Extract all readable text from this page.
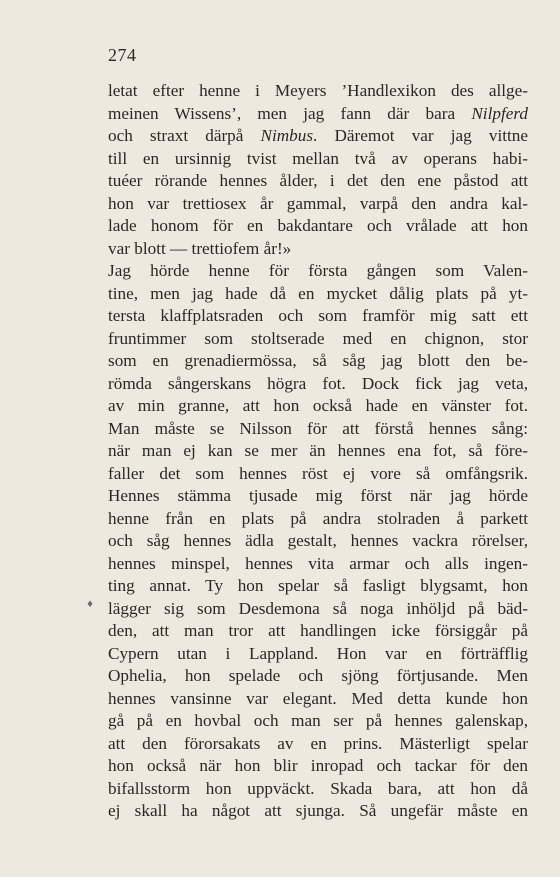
274
letat efter henne i Meyers ’Handlexikon des allge-
meinen Wissens’, men jag fann där bara Nilpferd
och straxt därpå Nimbus. Däremot var jag vittne
till en ursinnig tvist mellan två av operans habi-
tuéer rörande hennes ålder, i det den ene påstod att
hon var trettiosex år gammal, varpå den andra kal-
lade honom för en bakdantare och vrålade att hon
var blott — trettiofem år!»
Jag hörde henne för första gången som Valen-
tine, men jag hade då en mycket dålig plats på yt-
tersta klaffplatsraden och som framför mig satt ett
fruntimmer som stoltserade med en chignon, stor
som en grenadiermössa, så såg jag blott den be-
römda sångerskans högra fot. Dock fick jag veta,
av min granne, att hon också hade en vänster fot.
Man måste se Nilsson för att förstå hennes sång:
när man ej kan se mer än hennes ena fot, så före-
faller det som hennes röst ej vore så omfångsrik.
Hennes stämma tjusade mig först när jag hörde
henne från en plats på andra stolraden å parkett
och såg hennes ädla gestalt, hennes vackra rörelser,
hennes minspel, hennes vita armar och alls ingen-
ting annat. Ty hon spelar så fasligt blygsamt, hon
lägger sig som Desdemona så noga inhöljd på bäd-
den, att man tror att handlingen icke försiggår på
Cypern utan i Lappland. Hon var en förträfflig
Ophelia, hon spelade och sjöng förtjusande. Men
hennes vansinne var elegant. Med detta kunde hon
gå på en hovbal och man ser på hennes galenskap,
att den förorsakats av en prins. Mästerligt spelar
hon också när hon blir inropad och tackar för den
bifallsstorm hon uppväckt. Skada bara, att hon då
ej skall ha något att sjunga. Så ungefär måste en
♦
